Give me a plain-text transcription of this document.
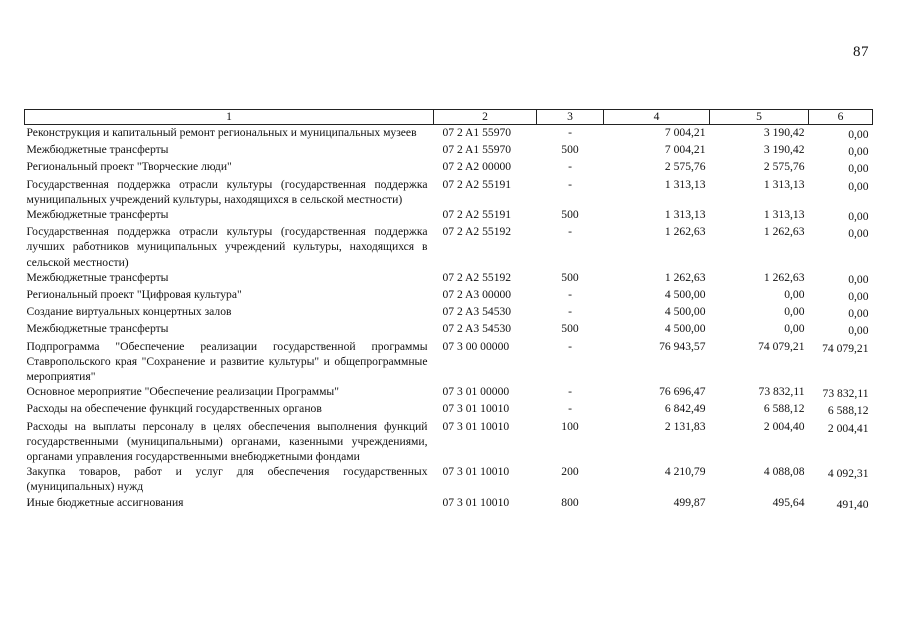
87
1	2	3	4	5	6
Реконструкция и капитальный ремонт региональных и муниципальных музеев	07 2 A1 55970	-	7 004,21	3 190,42	0,00
Межбюджетные трансферты	07 2 A1 55970	500	7 004,21	3 190,42	0,00
Региональный проект "Творческие люди"	07 2 A2 00000	-	2 575,76	2 575,76	0,00
Государственная поддержка отрасли культуры (государственная поддержка муниципальных учреждений культуры, находящихся в сельской местности)	07 2 A2 55191	-	1 313,13	1 313,13	0,00
Межбюджетные трансферты	07 2 A2 55191	500	1 313,13	1 313,13	0,00
Государственная поддержка отрасли культуры (государственная поддержка лучших работников муниципальных учреждений культуры, находящихся в сельской местности)	07 2 A2 55192	-	1 262,63	1 262,63	0,00
Межбюджетные трансферты	07 2 A2 55192	500	1 262,63	1 262,63	0,00
Региональный проект "Цифровая культура"	07 2 A3 00000	-	4 500,00	0,00	0,00
Создание виртуальных концертных залов	07 2 A3 54530	-	4 500,00	0,00	0,00
Межбюджетные трансферты	07 2 A3 54530	500	4 500,00	0,00	0,00
Подпрограмма "Обеспечение реализации государственной программы Ставропольского края "Сохранение и развитие культуры" и общепрограммные мероприятия"	07 3 00 00000	-	76 943,57	74 079,21	74 079,21
Основное мероприятие "Обеспечение реализации Программы"	07 3 01 00000	-	76 696,47	73 832,11	73 832,11
Расходы на обеспечение функций государственных органов	07 3 01 10010	-	6 842,49	6 588,12	6 588,12
Расходы на выплаты персоналу в целях обеспечения выполнения функций государственными (муниципальными) органами, казенными учреждениями, органами управления государственными внебюджетными фондами	07 3 01 10010	100	2 131,83	2 004,40	2 004,41
Закупка товаров, работ и услуг для обеспечения государственных (муниципальных) нужд	07 3 01 10010	200	4 210,79	4 088,08	4 092,31
Иные бюджетные ассигнования	07 3 01 10010	800	499,87	495,64	491,40
